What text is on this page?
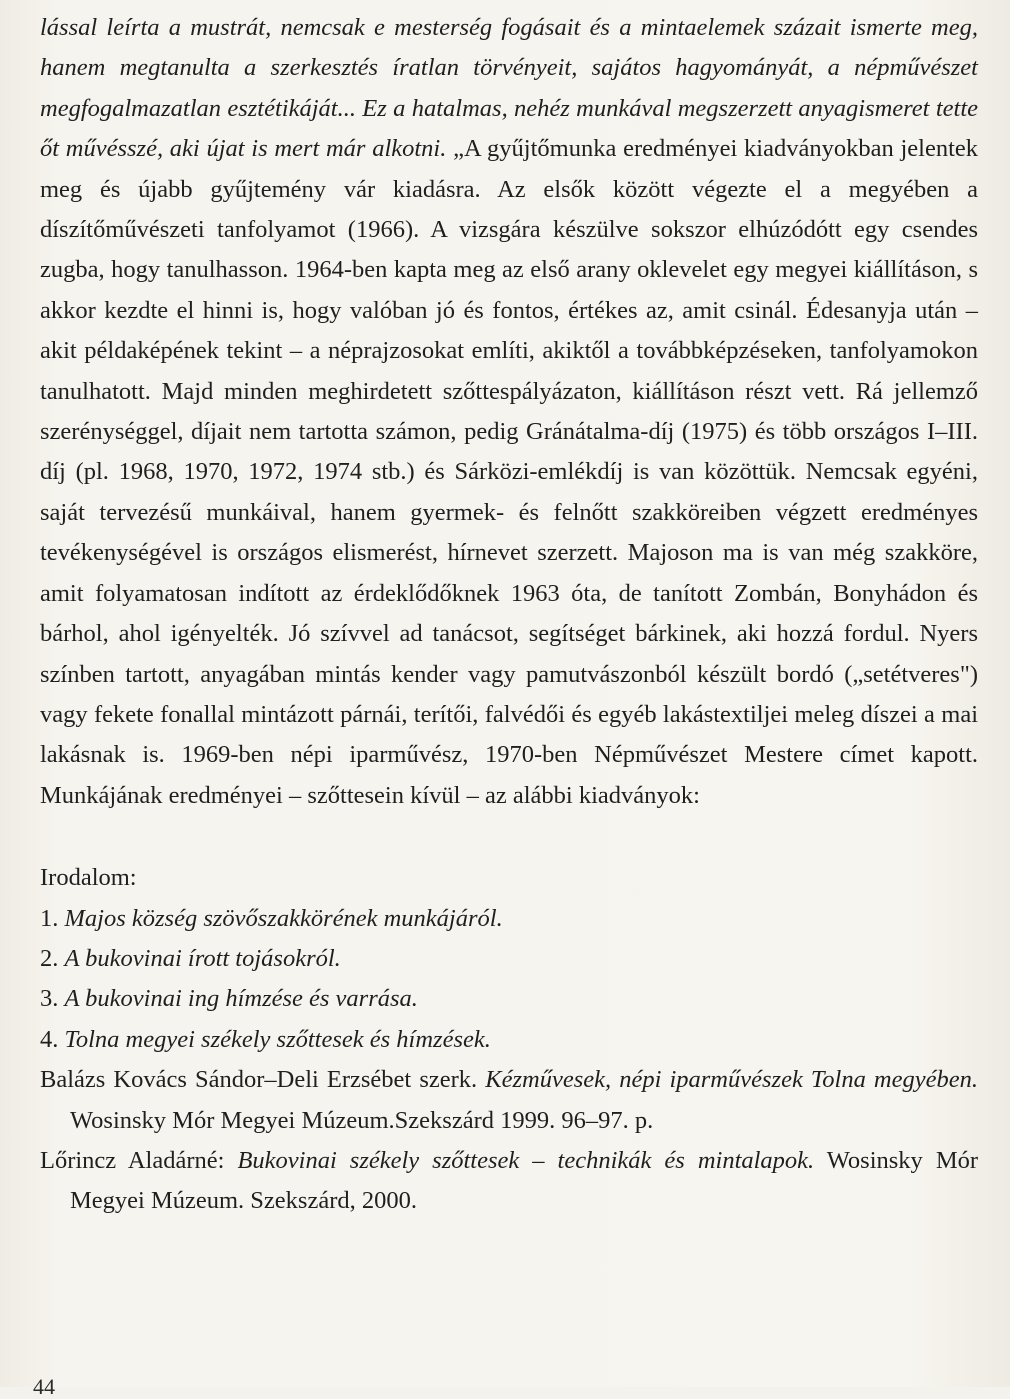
lással leírta a mustrát, nemcsak e mesterség fogásait és a mintaelemek százait ismerte meg, hanem megtanulta a szerkesztés íratlan törvényeit, sajátos hagyományát, a népművészet megfogalmazatlan esztétikáját... Ez a hatalmas, nehéz munkával megszerzett anyagismeret tette őt művésszé, aki újat is mert már alkotni. „A gyűjtőmunka eredményei kiadványokban jelentek meg és újabb gyűjtemény vár kiadásra. Az elsők között végezte el a megyében a díszítőművészeti tanfolyamot (1966). A vizsgára készülve sokszor elhúzódótt egy csendes zugba, hogy tanulhasson. 1964-ben kapta meg az első arany oklevelet egy megyei kiállításon, s akkor kezdte el hinni is, hogy valóban jó és fontos, értékes az, amit csinál. Édesanyja után – akit példaképének tekint – a néprajzosokat említi, akiktől a továbbképzéseken, tanfolyamokon tanulhatott. Majd minden meghirdetett szőttespályázaton, kiállításon részt vett. Rá jellemző szerénységgel, díjait nem tartotta számon, pedig Gránátalma-díj (1975) és több országos I–III. díj (pl. 1968, 1970, 1972, 1974 stb.) és Sárközi-emlékdíj is van közöttük. Nemcsak egyéni, saját tervezésű munkáival, hanem gyermek- és felnőtt szakköreiben végzett eredményes tevékenységével is országos elismerést, hírnevet szerzett. Majoson ma is van még szakköre, amit folyamatosan indított az érdeklődőknek 1963 óta, de tanított Zombán, Bonyhádon és bárhol, ahol igényelték. Jó szívvel ad tanácsot, segítséget bárkinek, aki hozzá fordul. Nyers színben tartott, anyagában mintás kender vagy pamutvászonból készült bordó („setétveres") vagy fekete fonallal mintázott párnái, terítői, falvédői és egyéb lakástextiljei meleg díszei a mai lakásnak is. 1969-ben népi iparművész, 1970-ben Népművészet Mestere címet kapott. Munkájának eredményei – szőttesein kívül – az alábbi kiadványok:

Irodalom:

1. Majos község szövőszakkörének munkájáról.
2. A bukovinai írott tojásokról.
3. A bukovinai ing hímzése és varrása.
4. Tolna megyei székely szőttesek és hímzések.

Balázs Kovács Sándor–Deli Erzsébet szerk. Kézművesek, népi iparművészek Tolna megyében. Wosinsky Mór Megyei Múzeum.Szekszárd 1999. 96–97. p.

Lőrincz Aladárné: Bukovinai székely szőttesek – technikák és mintalapok. Wosinsky Mór Megyei Múzeum. Szekszárd, 2000.

44
